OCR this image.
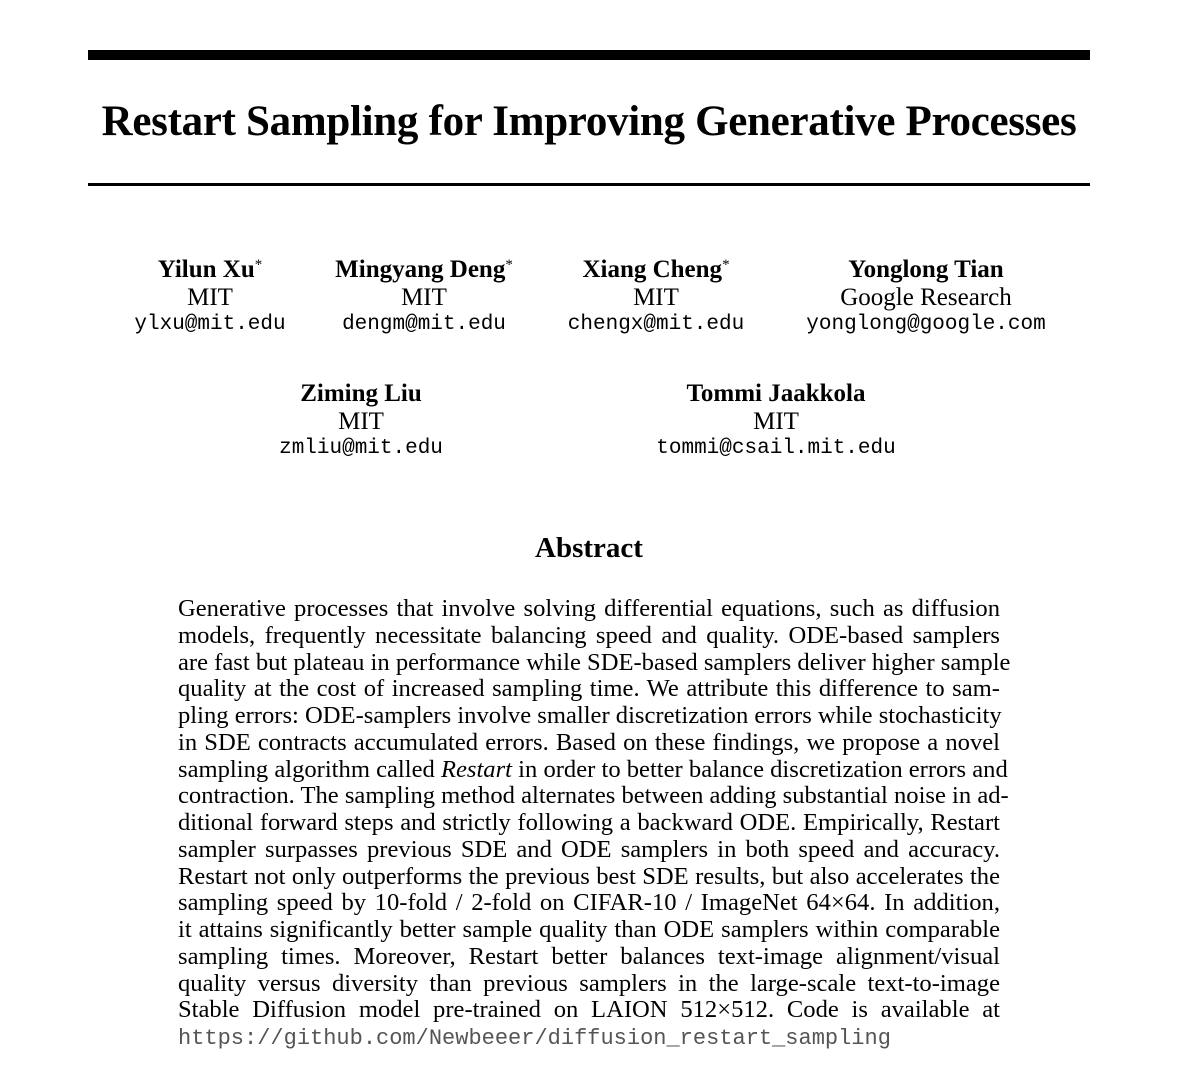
Restart Sampling for Improving Generative Processes
Yilun Xu*
MIT
ylxu@mit.edu
Mingyang Deng*
MIT
dengm@mit.edu
Xiang Cheng*
MIT
chengx@mit.edu
Yonglong Tian
Google Research
yonglong@google.com
Ziming Liu
MIT
zmliu@mit.edu
Tommi Jaakkola
MIT
tommi@csail.mit.edu
Abstract
Generative processes that involve solving differential equations, such as diffusion
models, frequently necessitate balancing speed and quality. ODE-based samplers
are fast but plateau in performance while SDE-based samplers deliver higher sample
quality at the cost of increased sampling time. We attribute this difference to sam-
pling errors: ODE-samplers involve smaller discretization errors while stochasticity
in SDE contracts accumulated errors. Based on these findings, we propose a novel
sampling algorithm called Restart in order to better balance discretization errors and
contraction. The sampling method alternates between adding substantial noise in ad-
ditional forward steps and strictly following a backward ODE. Empirically, Restart
sampler surpasses previous SDE and ODE samplers in both speed and accuracy.
Restart not only outperforms the previous best SDE results, but also accelerates the
sampling speed by 10-fold / 2-fold on CIFAR-10 / ImageNet 64×64. In addition,
it attains significantly better sample quality than ODE samplers within comparable
sampling times. Moreover, Restart better balances text-image alignment/visual
quality versus diversity than previous samplers in the large-scale text-to-image
Stable Diffusion model pre-trained on LAION 512×512. Code is available at
https://github.com/Newbeeer/diffusion_restart_sampling
